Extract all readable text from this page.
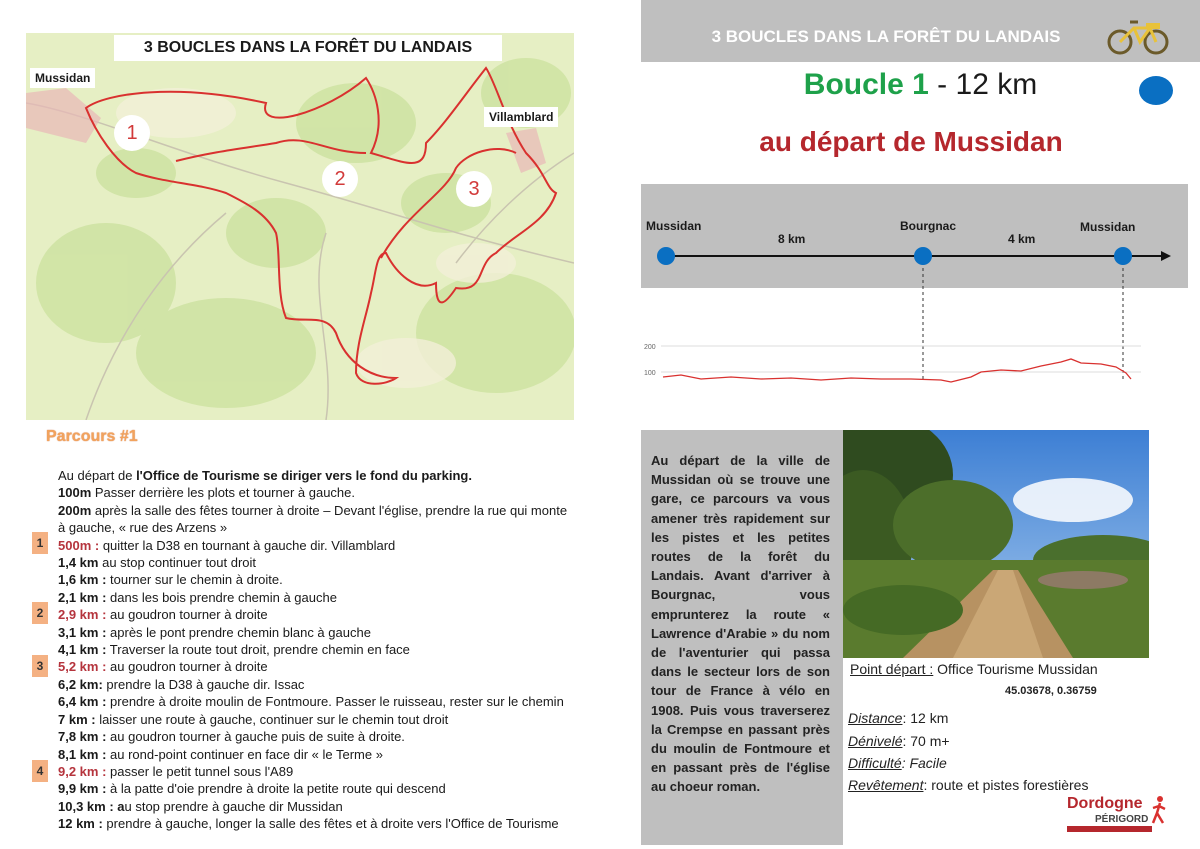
3 BOUCLES DANS LA FORÊT DU LANDAIS
Mussidan
Villamblard
1
2	3
Parcours #1
1
2
3
4
Au départ de l'Office de Tourisme se diriger vers le fond du parking.
100m Passer derrière les plots et tourner à gauche.
200m après la salle des fêtes tourner à droite – Devant l'église, prendre la rue qui monte
à gauche, « rue des Arzens »
500m : quitter la D38 en tournant à gauche dir. Villamblard
1,4 km au stop continuer tout droit
1,6 km : tourner sur le chemin à droite.
2,1 km : dans les bois prendre chemin à gauche
2,9 km : au goudron tourner à droite
3,1 km : après le pont prendre chemin blanc à gauche
4,1 km : Traverser la route tout droit, prendre chemin en face
5,2 km : au goudron tourner à droite
6,2 km: prendre la D38 à gauche dir. Issac
6,4 km : prendre à droite moulin de Fontmoure. Passer le ruisseau, rester sur le chemin
7 km : laisser une route à gauche, continuer sur le chemin tout droit
7,8 km : au goudron tourner à gauche puis de suite à droite.
8,1 km : au rond-point continuer en face dir « le Terme »
9,2 km : passer le petit tunnel sous l'A89
9,9 km : à la patte d'oie prendre à droite la petite route qui descend
10,3 km : au stop prendre à gauche dir Mussidan
12 km : prendre à gauche, longer la salle des fêtes et à droite vers l'Office de Tourisme
3 BOUCLES DANS LA FORÊT DU LANDAIS
Boucle 1 - 12 km
au départ de Mussidan
Mussidan	Bourgnac	Mussidan
8 km	4 km
200
100
Au départ de la ville de Mussidan où se trouve une gare, ce parcours va vous amener très rapidement sur les pistes et les petites routes de la forêt du Landais. Avant d'arriver à Bourgnac, vous emprunterez la route « Lawrence d'Arabie » du nom de l'aventurier qui passa dans le secteur lors de son tour de France à vélo en 1908. Puis vous traverserez la Crempse en passant près du moulin de Fontmoure et en passant près de l'église au choeur roman.
Point départ : Office Tourisme Mussidan
45.03678, 0.36759
Distance: 12 km
Dénivelé: 70 m+
Difficulté: Facile
Revêtement: route et pistes forestières
Dordogne
PÉRIGORD
